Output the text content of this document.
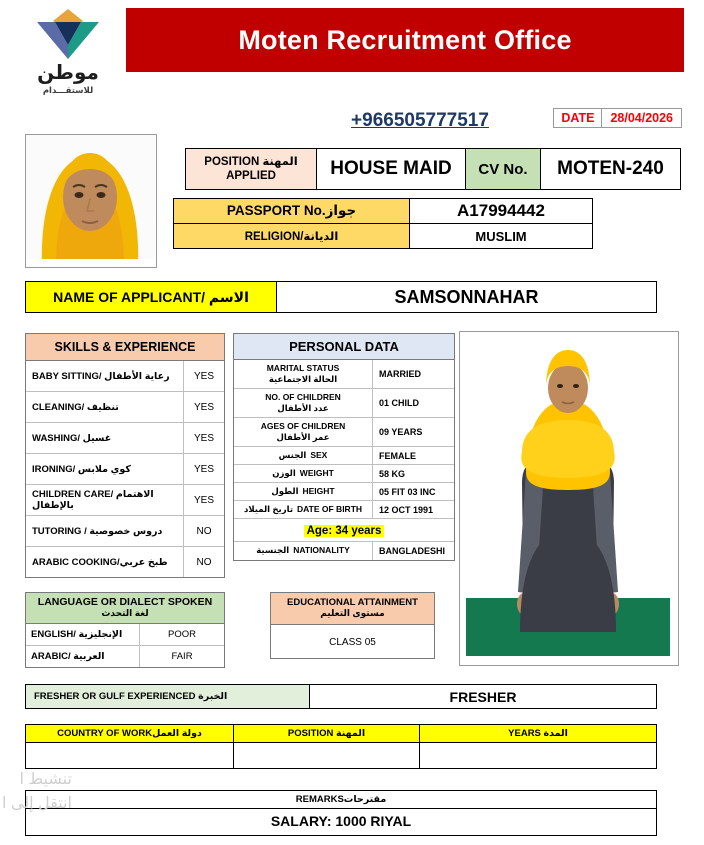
موطن
للاستقـــدام
Moten Recruitment Office
+966505777517	DATE	28/04/2026
POSITION المهنة
APPLIED	HOUSE MAID	CV No.	MOTEN-240
PASSPORT No.جواز	A17994442
RELIGION/الديانة	MUSLIM
NAME OF APPLICANT/ الاسم	SAMSONNAHAR
SKILLS & EXPERIENCE
BABY SITTING/ رعاية الأطفال	YES
CLEANING/ تنظيف	YES
WASHING/ غسيل	YES
IRONING/ كوي ملابس	YES
CHILDREN CARE/ الاهتمام بالإطفال	YES
TUTORING / دروس خصوصية	NO
ARABIC COOKING/طبخ عربي	NO
PERSONAL DATA
MARITAL STATUS
الحالة الاجتماعية	MARRIED
NO. OF CHILDREN
عدد الأطفال	01 CHILD
AGES OF CHILDREN
عمر الأطفال	09 YEARS
الجنس SEX	FEMALE
الوزن WEIGHT	58 KG
الطول HEIGHT	05 FIT 03 INC
تاريخ الميلاد DATE OF BIRTH	12 OCT 1991
Age: 34 years
الجنسية NATIONALITY	BANGLADESHI
LANGUAGE OR DIALECT SPOKEN
لغة التحدث
ENGLISH/ الإنجليزية	POOR
ARABIC/ العربية	FAIR
EDUCATIONAL ATTAINMENT
مستوى التعليم
CLASS 05
FRESHER OR GULF EXPERIENCED الخبرة	FRESHER
COUNTRY OF WORKدولة العمل	POSITION المهنة	YEARS المدة
REMARKSمقترحات
SALARY: 1000 RIYAL
تنشيط ا
انتقل إلى ا
